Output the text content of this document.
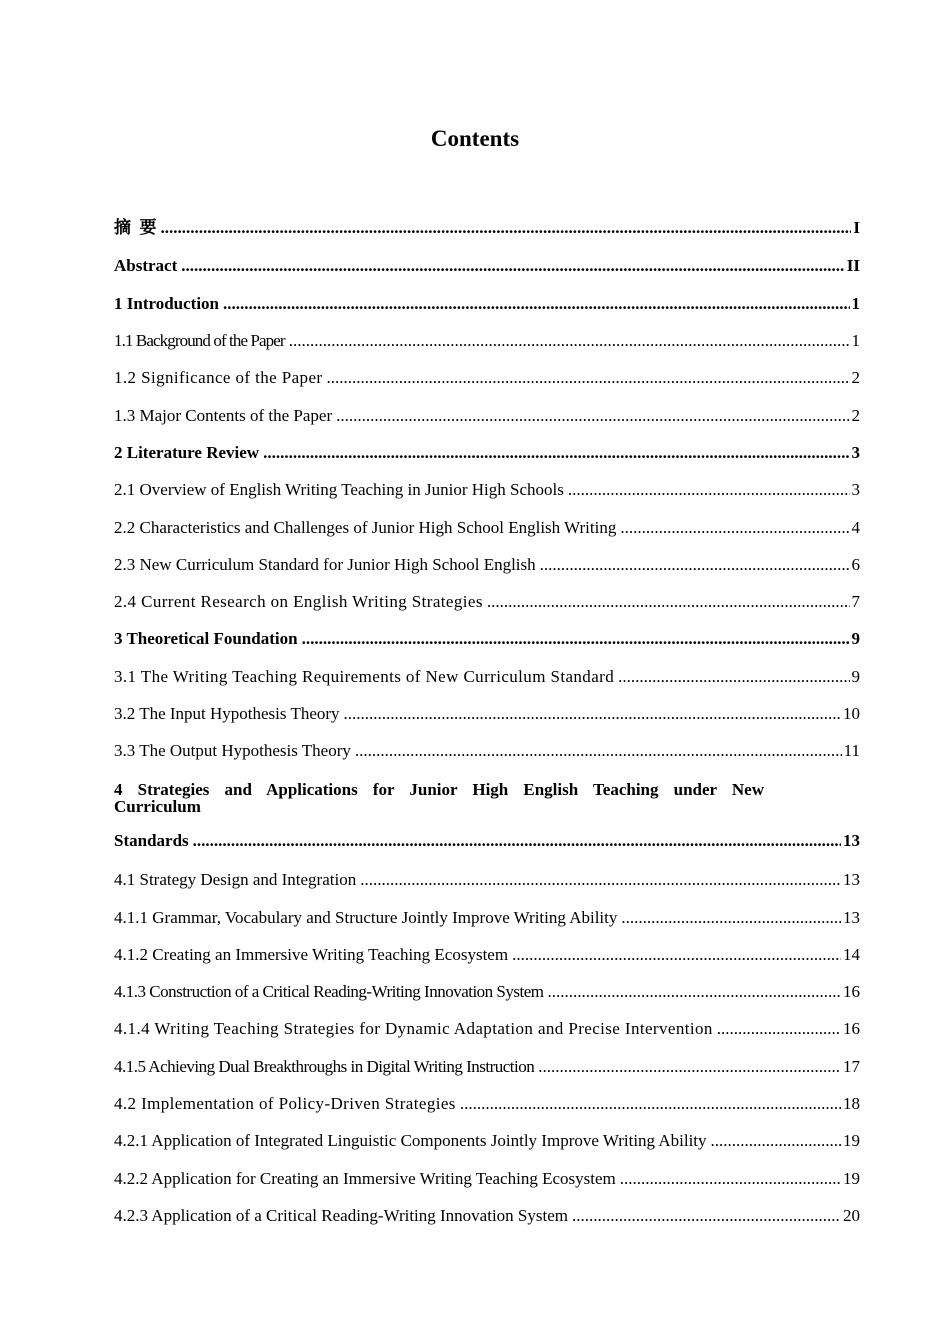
Contents
摘  要 .....	I
Abstract .....	II
1 Introduction .....	1
1.1 Background of the Paper .....	1
1.2 Significance of the Paper .....	2
1.3 Major Contents of the Paper .....	2
2 Literature Review .....	3
2.1 Overview of English Writing Teaching in Junior High Schools .....	3
2.2 Characteristics and Challenges of Junior High School English Writing .....	4
2.3 New Curriculum Standard for Junior High School English .....	6
2.4 Current Research on English Writing Strategies .....	7
3 Theoretical Foundation .....	9
3.1 The Writing Teaching Requirements of New Curriculum Standard .....	9
3.2 The Input Hypothesis Theory .....	10
3.3 The Output Hypothesis Theory .....	11
4 Strategies and Applications for Junior High English Teaching under New
Curriculum
Standards .....	13
4.1 Strategy Design and Integration .....	13
4.1.1 Grammar, Vocabulary and Structure Jointly Improve Writing Ability .....	13
4.1.2 Creating an Immersive Writing Teaching Ecosystem .....	14
4.1.3 Construction of a Critical Reading-Writing Innovation System .....	16
4.1.4 Writing Teaching Strategies for Dynamic Adaptation and Precise Intervention .....	16
4.1.5 Achieving Dual Breakthroughs in Digital Writing Instruction .....	17
4.2 Implementation of Policy-Driven Strategies .....	18
4.2.1 Application of Integrated Linguistic Components Jointly Improve Writing Ability .....	19
4.2.2 Application for Creating an Immersive Writing Teaching Ecosystem .....	19
4.2.3 Application of a Critical Reading-Writing Innovation System .....	20
